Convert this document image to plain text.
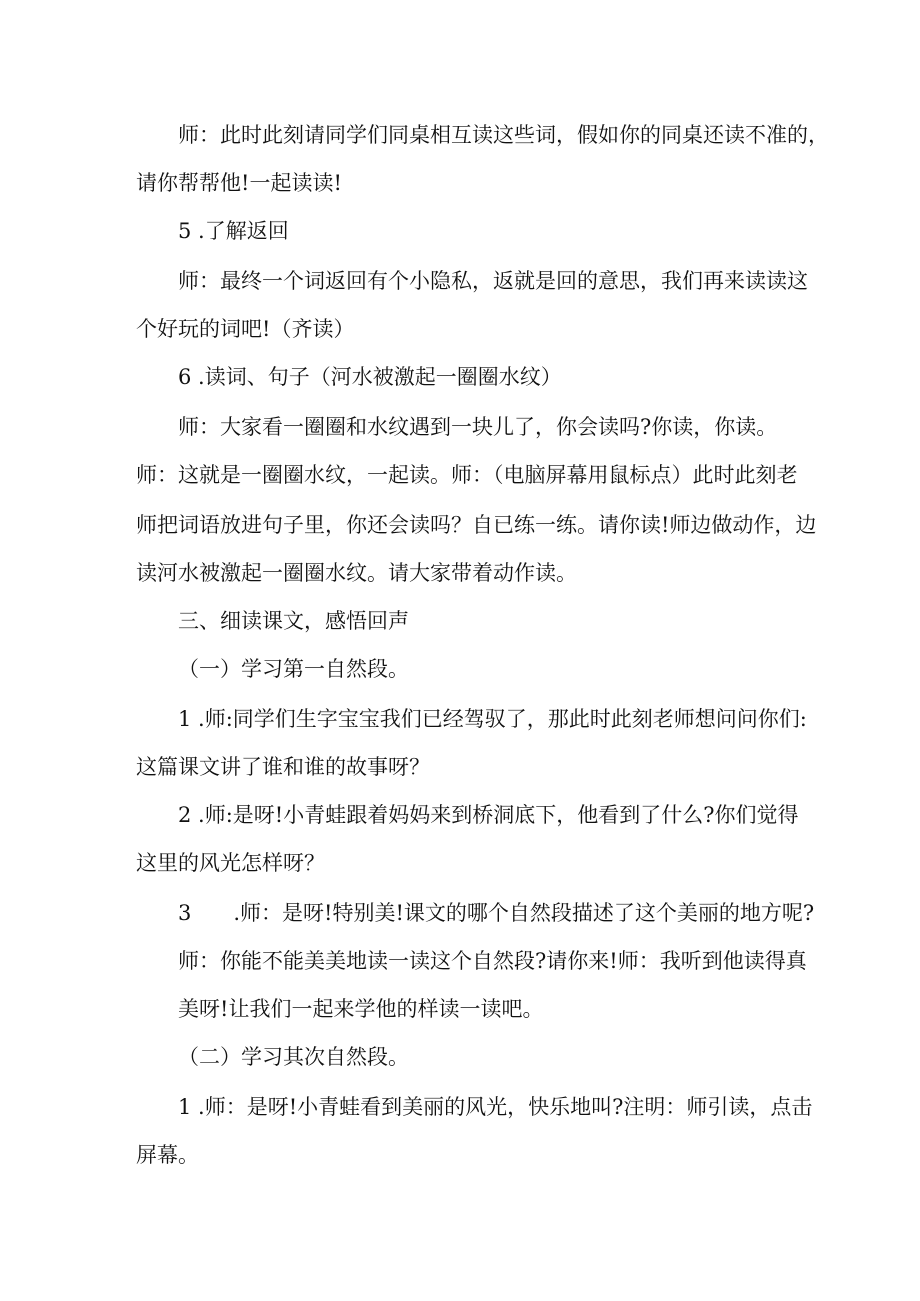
师：此时此刻请同学们同桌相互读这些词，假如你的同桌还读不准的，

请你帮帮他!一起读读!

5 .了解返回

师：最终一个词返回有个小隐私，返就是回的意思，我们再来读读这

个好玩的词吧!（齐读）

6 .读词、句子（河水被激起一圈圈水纹）

师：大家看一圈圈和水纹遇到一块儿了，你会读吗?你读，你读。

师：这就是一圈圈水纹，一起读。师：（电脑屏幕用鼠标点）此时此刻老

师把词语放进句子里，你还会读吗？自已练一练。请你读!师边做动作，边

读河水被激起一圈圈水纹。请大家带着动作读。

三、细读课文，感悟回声

（一）学习第一自然段。

1 .师:同学们生字宝宝我们已经驾驭了，那此时此刻老师想问问你们:

这篇课文讲了谁和谁的故事呀？

2 .师:是呀!小青蛙跟着妈妈来到桥洞底下，他看到了什么?你们觉得

这里的风光怎样呀？

3　　.师：是呀!特别美!课文的哪个自然段描述了这个美丽的地方呢?

师：你能不能美美地读一读这个自然段?请你来!师：我听到他读得真

美呀!让我们一起来学他的样读一读吧。

（二）学习其次自然段。

1 .师：是呀!小青蛙看到美丽的风光，快乐地叫?注明：师引读，点击

屏幕。
